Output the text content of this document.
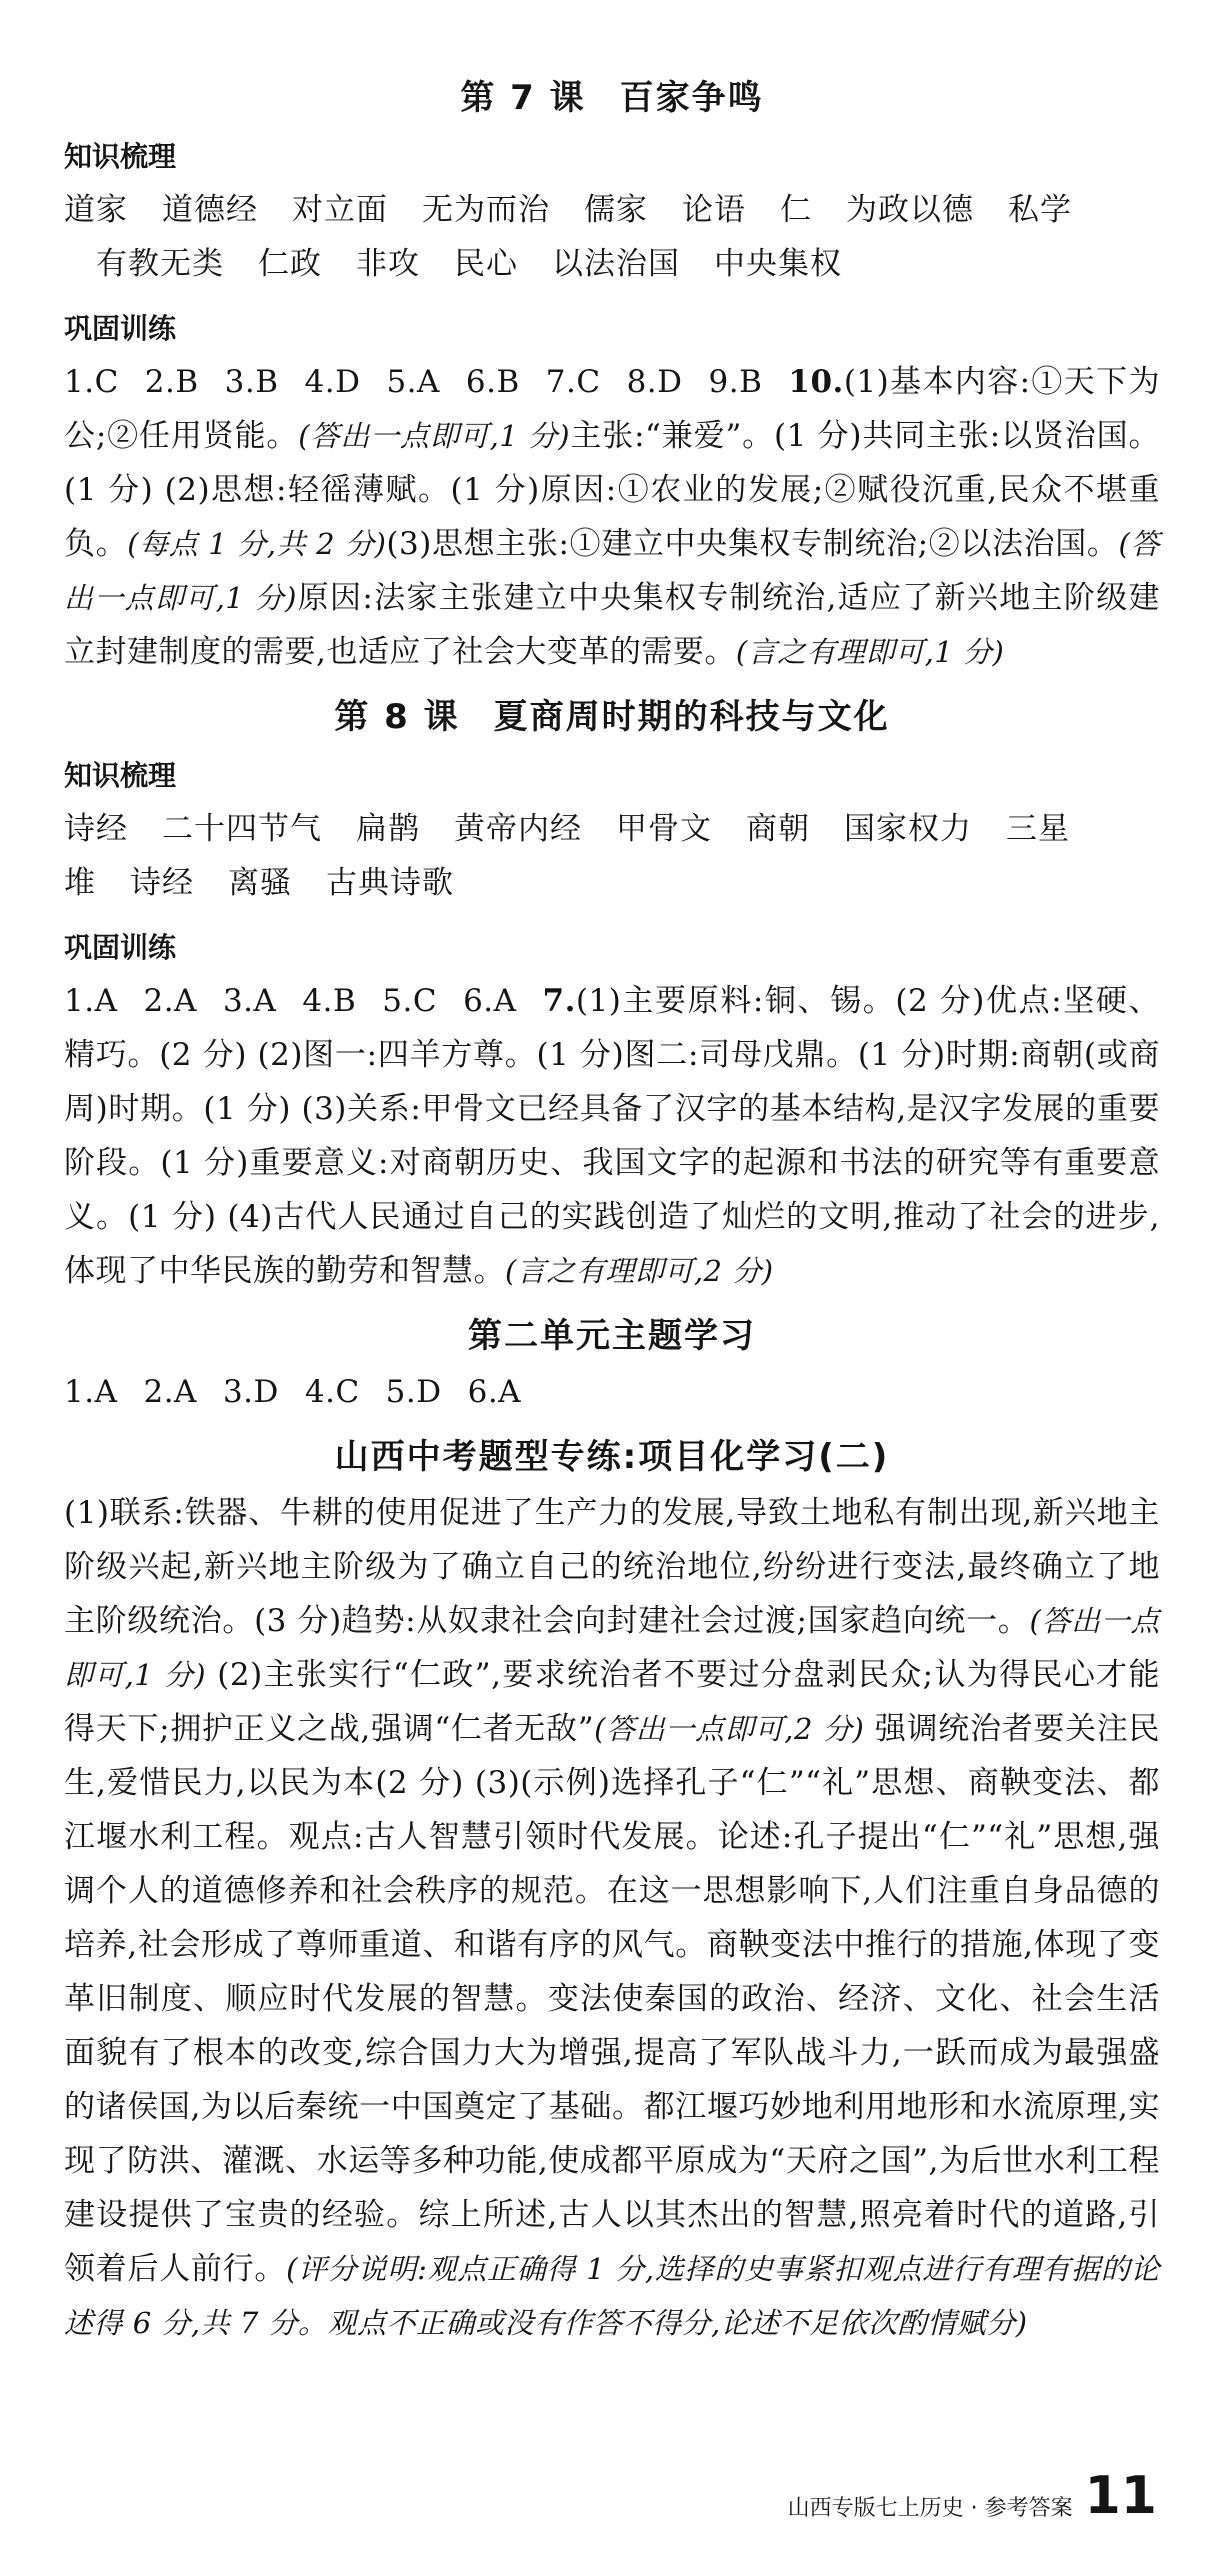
第 7 课 百家争鸣
知识梳理
道家 道德经 对立面 无为而治 儒家 论语 仁 为政以德 私学
有教无类 仁政 非攻 民心 以法治国 中央集权
巩固训练

1.C 2.B 3.B 4.D 5.A 6.B 7.C 8.D 9.B 10.(1)基本内容:①天下为公;②任用贤能。(答出一点即可,1 分)主张:“兼爱”。(1 分)共同主张:以贤治国。(1 分) (2)思想:轻徭薄赋。(1 分)原因:①农业的发展;②赋役沉重,民众不堪重负。(每点 1 分,共 2 分)(3)思想主张:①建立中央集权专制统治;②以法治国。(答出一点即可,1 分)原因:法家主张建立中央集权专制统治,适应了新兴地主阶级建立封建制度的需要,也适应了社会大变革的需要。(言之有理即可,1 分)

第 8 课 夏商周时期的科技与文化
知识梳理
诗经 二十四节气 扁鹊 黄帝内经 甲骨文 商朝 国家权力 三星
堆 诗经 离骚 古典诗歌
巩固训练

1.A 2.A 3.A 4.B 5.C 6.A 7.(1)主要原料:铜、锡。(2 分)优点:坚硬、精巧。(2 分) (2)图一:四羊方尊。(1 分)图二:司母戊鼎。(1 分)时期:商朝(或商周)时期。(1 分) (3)关系:甲骨文已经具备了汉字的基本结构,是汉字发展的重要阶段。(1 分)重要意义:对商朝历史、我国文字的起源和书法的研究等有重要意义。(1 分) (4)古代人民通过自己的实践创造了灿烂的文明,推动了社会的进步,体现了中华民族的勤劳和智慧。(言之有理即可,2 分)

第二单元主题学习

1.A 2.A 3.D 4.C 5.D 6.A

山西中考题型专练:项目化学习(二)

(1)联系:铁器、牛耕的使用促进了生产力的发展,导致土地私有制出现,新兴地主阶级兴起,新兴地主阶级为了确立自己的统治地位,纷纷进行变法,最终确立了地主阶级统治。(3 分)趋势:从奴隶社会向封建社会过渡;国家趋向统一。(答出一点即可,1 分) (2)主张实行“仁政”,要求统治者不要过分盘剥民众;认为得民心才能得天下;拥护正义之战,强调“仁者无敌”(答出一点即可,2 分) 强调统治者要关注民生,爱惜民力,以民为本(2 分) (3)(示例)选择孔子“仁”“礼”思想、商鞅变法、都江堰水利工程。观点:古人智慧引领时代发展。论述:孔子提出“仁”“礼”思想,强调个人的道德修养和社会秩序的规范。在这一思想影响下,人们注重自身品德的培养,社会形成了尊师重道、和谐有序的风气。商鞅变法中推行的措施,体现了变革旧制度、顺应时代发展的智慧。变法使秦国的政治、经济、文化、社会生活面貌有了根本的改变,综合国力大为增强,提高了军队战斗力,一跃而成为最强盛的诸侯国,为以后秦统一中国奠定了基础。都江堰巧妙地利用地形和水流原理,实现了防洪、灌溉、水运等多种功能,使成都平原成为“天府之国”,为后世水利工程建设提供了宝贵的经验。综上所述,古人以其杰出的智慧,照亮着时代的道路,引领着后人前行。(评分说明:观点正确得 1 分,选择的史事紧扣观点进行有理有据的论述得 6 分,共 7 分。观点不正确或没有作答不得分,论述不足依次酌情赋分)

山西专版七上历史 · 参考答案 11
